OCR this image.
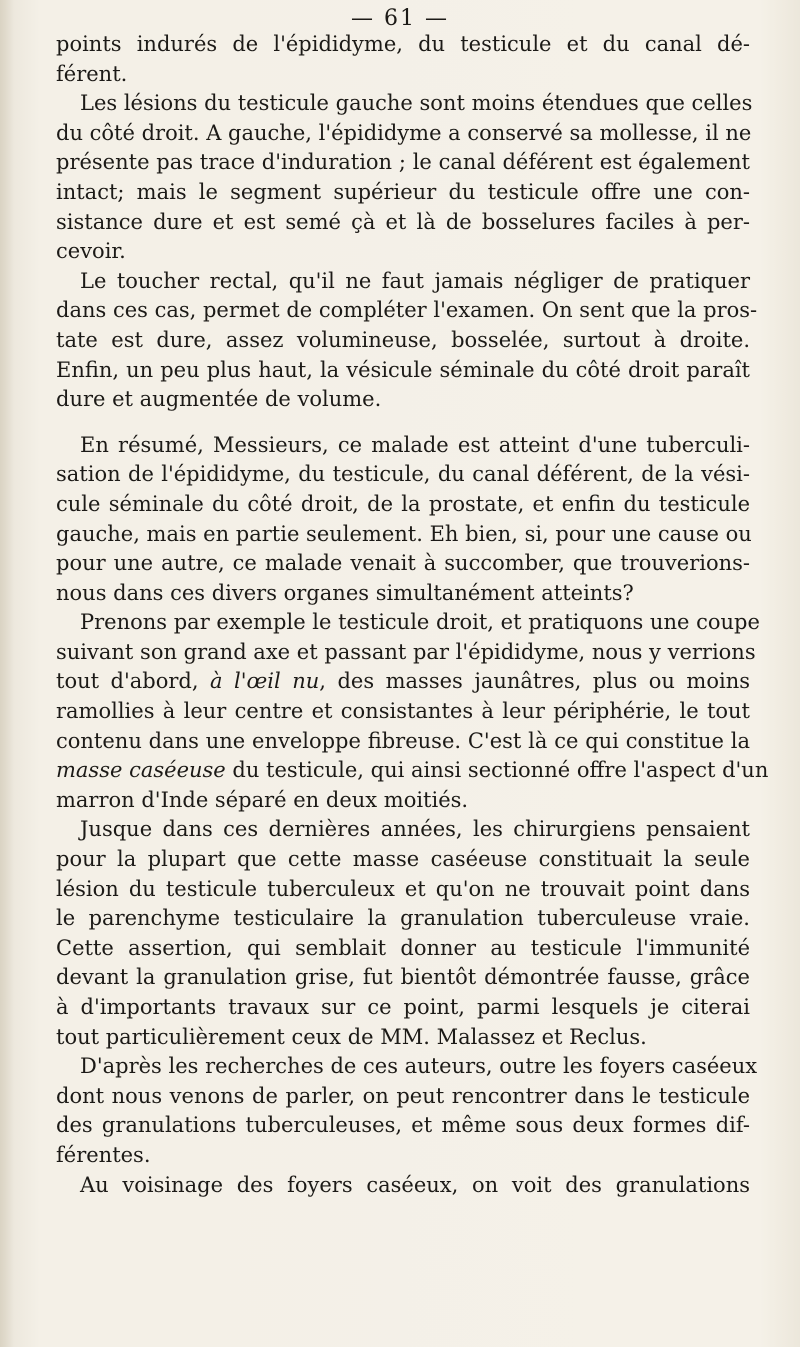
— 61 —
points indurés de l'épididyme, du testicule et du canal dé-
férent.
Les lésions du testicule gauche sont moins étendues que celles
du côté droit. A gauche, l'épididyme a conservé sa mollesse, il ne
présente pas trace d'induration ; le canal déférent est également
intact; mais le segment supérieur du testicule offre une con-
sistance dure et est semé çà et là de bosselures faciles à per-
cevoir.
Le toucher rectal, qu'il ne faut jamais négliger de pratiquer
dans ces cas, permet de compléter l'examen. On sent que la pros-
tate est dure, assez volumineuse, bosselée, surtout à droite.
Enfin, un peu plus haut, la vésicule séminale du côté droit paraît
dure et augmentée de volume.
En résumé, Messieurs, ce malade est atteint d'une tuberculi-
sation de l'épididyme, du testicule, du canal déférent, de la vési-
cule séminale du côté droit, de la prostate, et enfin du testicule
gauche, mais en partie seulement. Eh bien, si, pour une cause ou
pour une autre, ce malade venait à succomber, que trouverions-
nous dans ces divers organes simultanément atteints?
Prenons par exemple le testicule droit, et pratiquons une coupe
suivant son grand axe et passant par l'épididyme, nous y verrions
tout d'abord, à l'œil nu, des masses jaunâtres, plus ou moins
ramollies à leur centre et consistantes à leur périphérie, le tout
contenu dans une enveloppe fibreuse. C'est là ce qui constitue la
masse caséeuse du testicule, qui ainsi sectionné offre l'aspect d'un
marron d'Inde séparé en deux moitiés.
Jusque dans ces dernières années, les chirurgiens pensaient
pour la plupart que cette masse caséeuse constituait la seule
lésion du testicule tuberculeux et qu'on ne trouvait point dans
le parenchyme testiculaire la granulation tuberculeuse vraie.
Cette assertion, qui semblait donner au testicule l'immunité
devant la granulation grise, fut bientôt démontrée fausse, grâce
à d'importants travaux sur ce point, parmi lesquels je citerai
tout particulièrement ceux de MM. Malassez et Reclus.
D'après les recherches de ces auteurs, outre les foyers caséeux
dont nous venons de parler, on peut rencontrer dans le testicule
des granulations tuberculeuses, et même sous deux formes dif-
férentes.
Au voisinage des foyers caséeux, on voit des granulations
